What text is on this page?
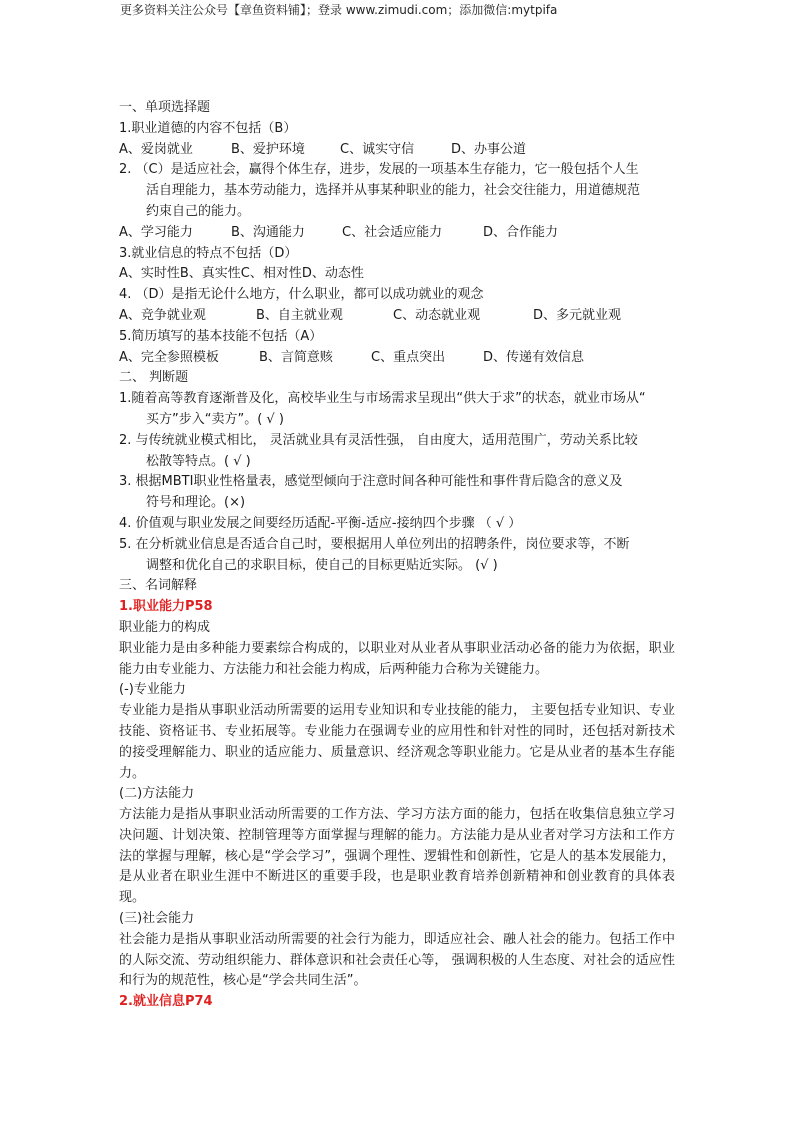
更多资料关注公众号【章鱼资料铺】；登录 www.zimudi.com；添加微信:mytpifa
一、单项选择题
1.职业道德的内容不包括（B）
A、爱岗就业	B、爱护环境	C、诚实守信	D、办事公道
2. （C）是适应社会，赢得个体生存，进步，发展的一项基本生存能力，它一般包括个人生
活自理能力，基本劳动能力，选择并从事某种职业的能力，社会交往能力，用道德规范
约束自己的能力。
A、学习能力	B、沟通能力	C、社会适应能力	D、合作能力
3.就业信息的特点不包括（D）
A、实时性B、真实性C、相对性D、动态性
4. （D）是指无论什么地方，什么职业，都可以成功就业的观念
A、竞争就业观	B、自主就业观	C、动态就业观	D、多元就业观
5.简历填写的基本技能不包括（A）
A、完全参照模板	B、言简意赅	C、重点突出	D、传递有效信息
二、 判断题
1.随着高等教育逐渐普及化，高校毕业生与市场需求呈现出“供大于求”的状态，就业市场从“
买方”步入“卖方”。( √ )
2. 与传统就业模式相比， 灵活就业具有灵活性强， 自由度大，适用范围广，劳动关系比较
松散等特点。( √ )
3. 根据MBTI职业性格量表，感觉型倾向于注意时间各种可能性和事件背后隐含的意义及
符号和理论。(×)
4. 价值观与职业发展之间要经历适配-平衡-适应-接纳四个步骤 （ √ ）
5. 在分析就业信息是否适合自己时，要根据用人单位列出的招聘条件，岗位要求等，不断
调整和优化自己的求职目标，使自己的目标更贴近实际。 (√ )
三、名词解释
1.职业能力P58
职业能力的构成
职业能力是由多种能力要素综合构成的，以职业对从业者从事职业活动必备的能力为依据，职业能力由专业能力、方法能力和社会能力构成，后两种能力合称为关键能力。
(-)专业能力
专业能力是指从事职业活动所需要的运用专业知识和专业技能的能力， 主要包括专业知识、专业技能、资格证书、专业拓展等。专业能力在强调专业的应用性和针对性的同时，还包括对新技术的接受理解能力、职业的适应能力、质量意识、经济观念等职业能力。它是从业者的基本生存能力。
(二)方法能力
方法能力是指从事职业活动所需要的工作方法、学习方法方面的能力，包括在收集信息独立学习决问题、计划决策、控制管理等方面掌握与理解的能力。方法能力是从业者对学习方法和工作方法的掌握与理解，核心是“学会学习”，强调个理性、逻辑性和创新性，它是人的基本发展能力，是从业者在职业生涯中不断进区的重要手段，也是职业教育培养创新精神和创业教育的具体表现。
(三)社会能力
社会能力是指从事职业活动所需要的社会行为能力，即适应社会、融人社会的能力。包括工作中的人际交流、劳动组织能力、群体意识和社会责任心等， 强调积极的人生态度、对社会的适应性和行为的规范性，核心是“学会共同生活”。
2.就业信息P74
